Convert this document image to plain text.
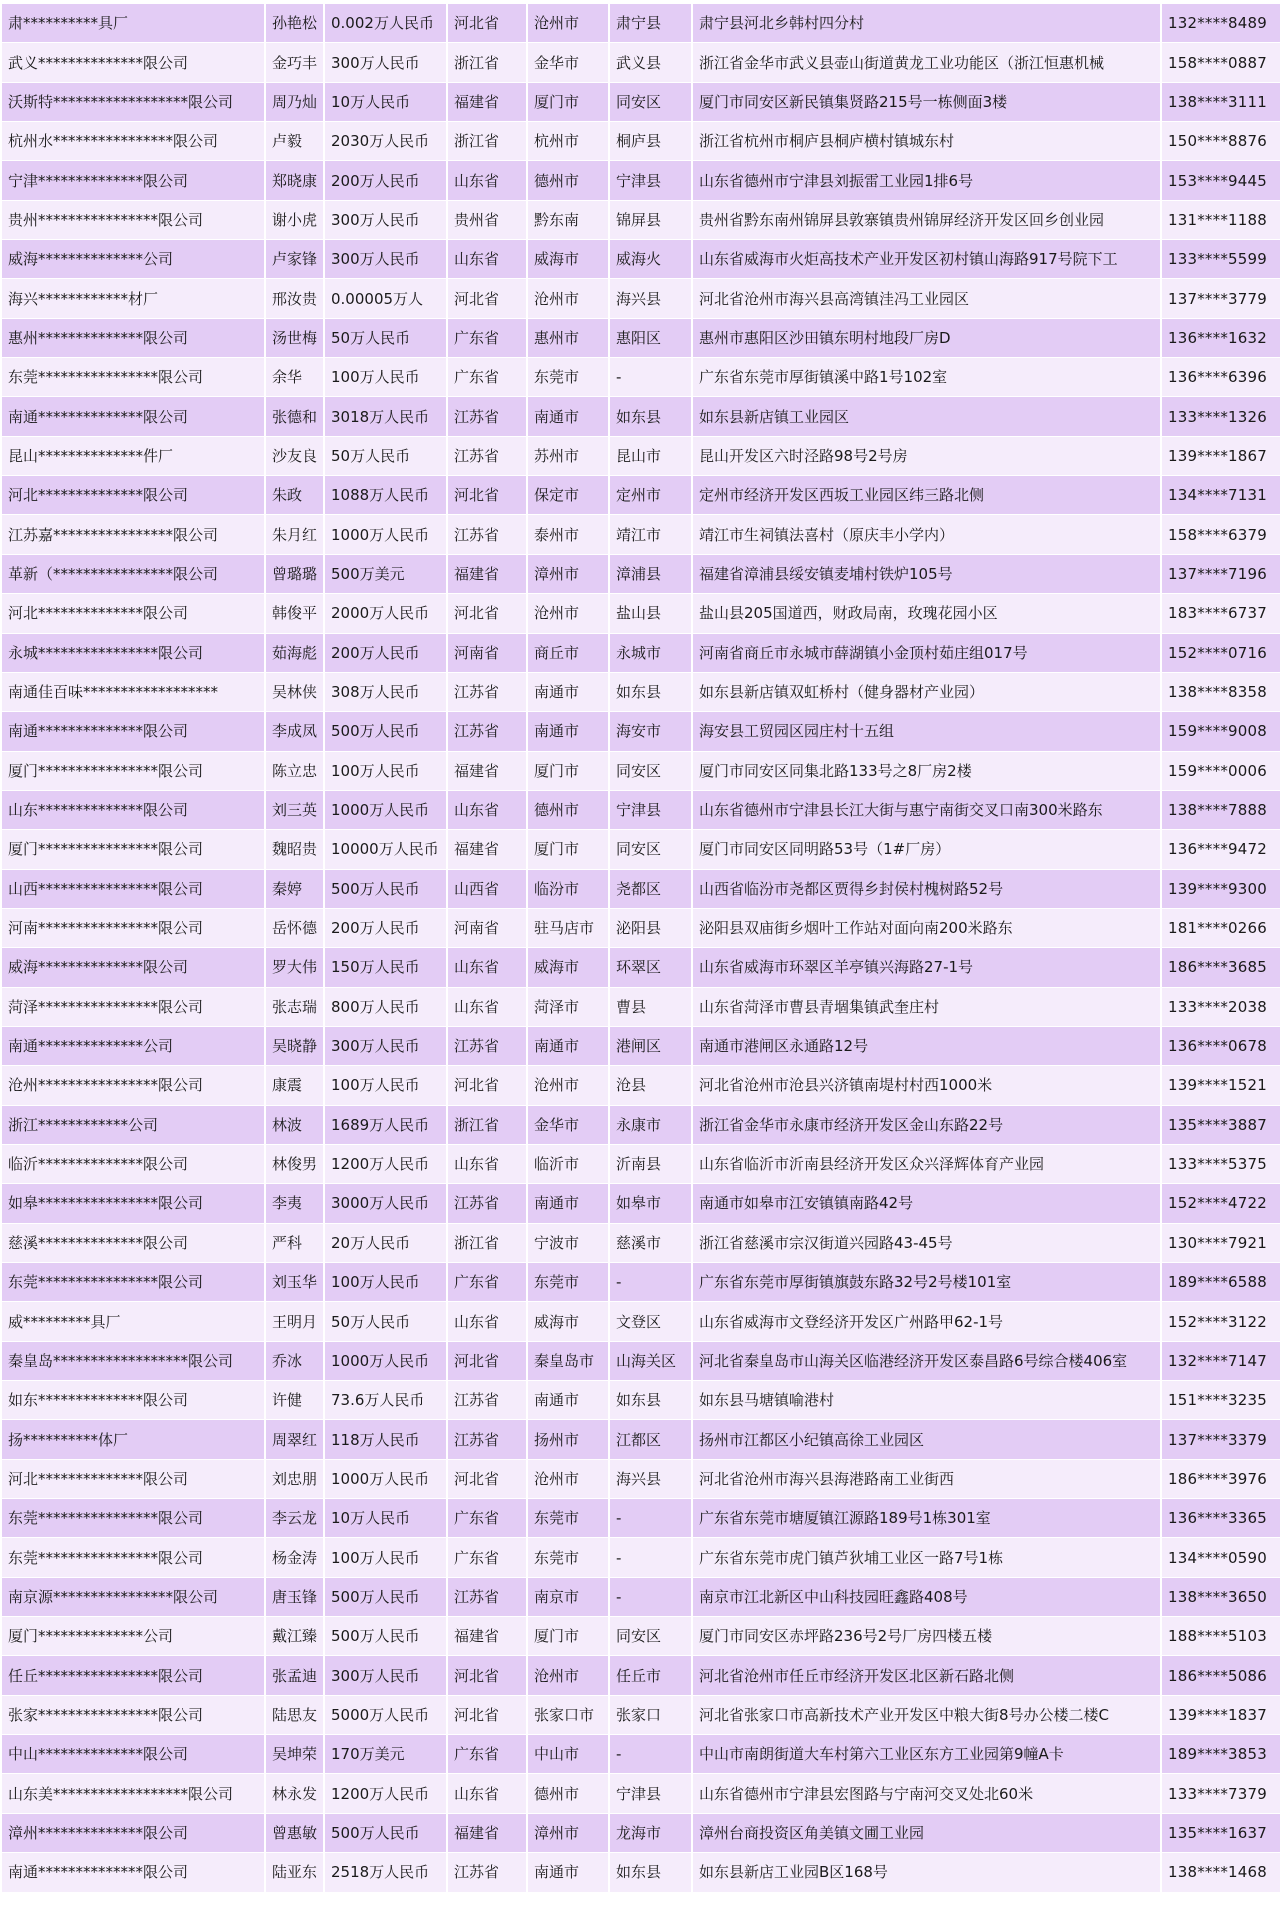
肃**********具厂	孙艳松	0.002万人民币	河北省	沧州市	肃宁县	肃宁县河北乡韩村四分村	132****8489
武义**************限公司	金巧丰	300万人民币	浙江省	金华市	武义县	浙江省金华市武义县壶山街道黄龙工业功能区（浙江恒惠机械	158****0887
沃斯特******************限公司	周乃灿	10万人民币	福建省	厦门市	同安区	厦门市同安区新民镇集贤路215号一栋侧面3楼	138****3111
杭州水****************限公司	卢毅	2030万人民币	浙江省	杭州市	桐庐县	浙江省杭州市桐庐县桐庐横村镇城东村	150****8876
宁津**************限公司	郑晓康	200万人民币	山东省	德州市	宁津县	山东省德州市宁津县刘振雷工业园1排6号	153****9445
贵州****************限公司	谢小虎	300万人民币	贵州省	黔东南	锦屏县	贵州省黔东南州锦屏县敦寨镇贵州锦屏经济开发区回乡创业园	131****1188
威海**************公司	卢家锋	300万人民币	山东省	威海市	威海火	山东省威海市火炬高技术产业开发区初村镇山海路917号院下工	133****5599
海兴************材厂	邢汝贵	0.00005万人	河北省	沧州市	海兴县	河北省沧州市海兴县高湾镇洼冯工业园区	137****3779
惠州**************限公司	汤世梅	50万人民币	广东省	惠州市	惠阳区	惠州市惠阳区沙田镇东明村地段厂房D	136****1632
东莞****************限公司	余华	100万人民币	广东省	东莞市	-	广东省东莞市厚街镇溪中路1号102室	136****6396
南通**************限公司	张德和	3018万人民币	江苏省	南通市	如东县	如东县新店镇工业园区	133****1326
昆山**************件厂	沙友良	50万人民币	江苏省	苏州市	昆山市	昆山开发区六时泾路98号2号房	139****1867
河北**************限公司	朱政	1088万人民币	河北省	保定市	定州市	定州市经济开发区西坂工业园区纬三路北侧	134****7131
江苏嘉****************限公司	朱月红	1000万人民币	江苏省	泰州市	靖江市	靖江市生祠镇法喜村（原庆丰小学内）	158****6379
革新（****************限公司	曾璐璐	500万美元	福建省	漳州市	漳浦县	福建省漳浦县绥安镇麦埔村铁炉105号	137****7196
河北**************限公司	韩俊平	2000万人民币	河北省	沧州市	盐山县	盐山县205国道西，财政局南，玫瑰花园小区	183****6737
永城****************限公司	茹海彪	200万人民币	河南省	商丘市	永城市	河南省商丘市永城市薛湖镇小金顶村茹庄组017号	152****0716
南通佳百味******************	吴林侠	308万人民币	江苏省	南通市	如东县	如东县新店镇双虹桥村（健身器材产业园）	138****8358
南通**************限公司	李成凤	500万人民币	江苏省	南通市	海安市	海安县工贸园区园庄村十五组	159****9008
厦门****************限公司	陈立忠	100万人民币	福建省	厦门市	同安区	厦门市同安区同集北路133号之8厂房2楼	159****0006
山东**************限公司	刘三英	1000万人民币	山东省	德州市	宁津县	山东省德州市宁津县长江大街与惠宁南街交叉口南300米路东	138****7888
厦门****************限公司	魏昭贵	10000万人民币	福建省	厦门市	同安区	厦门市同安区同明路53号（1#厂房）	136****9472
山西****************限公司	秦婷	500万人民币	山西省	临汾市	尧都区	山西省临汾市尧都区贾得乡封侯村槐树路52号	139****9300
河南****************限公司	岳怀德	200万人民币	河南省	驻马店市	泌阳县	泌阳县双庙街乡烟叶工作站对面向南200米路东	181****0266
威海**************限公司	罗大伟	150万人民币	山东省	威海市	环翠区	山东省威海市环翠区羊亭镇兴海路27-1号	186****3685
菏泽****************限公司	张志瑞	800万人民币	山东省	菏泽市	曹县	山东省菏泽市曹县青堌集镇武奎庄村	133****2038
南通**************公司	吴晓静	300万人民币	江苏省	南通市	港闸区	南通市港闸区永通路12号	136****0678
沧州****************限公司	康震	100万人民币	河北省	沧州市	沧县	河北省沧州市沧县兴济镇南堤村村西1000米	139****1521
浙江************公司	林波	1689万人民币	浙江省	金华市	永康市	浙江省金华市永康市经济开发区金山东路22号	135****3887
临沂**************限公司	林俊男	1200万人民币	山东省	临沂市	沂南县	山东省临沂市沂南县经济开发区众兴泽辉体育产业园	133****5375
如皋****************限公司	李夷	3000万人民币	江苏省	南通市	如皋市	南通市如皋市江安镇镇南路42号	152****4722
慈溪**************限公司	严科	20万人民币	浙江省	宁波市	慈溪市	浙江省慈溪市宗汉街道兴园路43-45号	130****7921
东莞****************限公司	刘玉华	100万人民币	广东省	东莞市	-	广东省东莞市厚街镇旗鼓东路32号2号楼101室	189****6588
威*********具厂	王明月	50万人民币	山东省	威海市	文登区	山东省威海市文登经济开发区广州路甲62-1号	152****3122
秦皇岛******************限公司	乔冰	1000万人民币	河北省	秦皇岛市	山海关区	河北省秦皇岛市山海关区临港经济开发区泰昌路6号综合楼406室	132****7147
如东**************限公司	许健	73.6万人民币	江苏省	南通市	如东县	如东县马塘镇喻港村	151****3235
扬**********体厂	周翠红	118万人民币	江苏省	扬州市	江都区	扬州市江都区小纪镇高徐工业园区	137****3379
河北**************限公司	刘忠朋	1000万人民币	河北省	沧州市	海兴县	河北省沧州市海兴县海港路南工业街西	186****3976
东莞****************限公司	李云龙	10万人民币	广东省	东莞市	-	广东省东莞市塘厦镇江源路189号1栋301室	136****3365
东莞****************限公司	杨金涛	100万人民币	广东省	东莞市	-	广东省东莞市虎门镇芦狄埔工业区一路7号1栋	134****0590
南京源****************限公司	唐玉锋	500万人民币	江苏省	南京市	-	南京市江北新区中山科技园旺鑫路408号	138****3650
厦门**************公司	戴江臻	500万人民币	福建省	厦门市	同安区	厦门市同安区赤坪路236号2号厂房四楼五楼	188****5103
任丘****************限公司	张孟迪	300万人民币	河北省	沧州市	任丘市	河北省沧州市任丘市经济开发区北区新石路北侧	186****5086
张家****************限公司	陆思友	5000万人民币	河北省	张家口市	张家口	河北省张家口市高新技术产业开发区中粮大街8号办公楼二楼C	139****1837
中山**************限公司	吴坤荣	170万美元	广东省	中山市	-	中山市南朗街道大车村第六工业区东方工业园第9幢A卡	189****3853
山东美******************限公司	林永发	1200万人民币	山东省	德州市	宁津县	山东省德州市宁津县宏图路与宁南河交叉处北60米	133****7379
漳州**************限公司	曾惠敏	500万人民币	福建省	漳州市	龙海市	漳州台商投资区角美镇文圃工业园	135****1637
南通**************限公司	陆亚东	2518万人民币	江苏省	南通市	如东县	如东县新店工业园B区168号	138****1468
